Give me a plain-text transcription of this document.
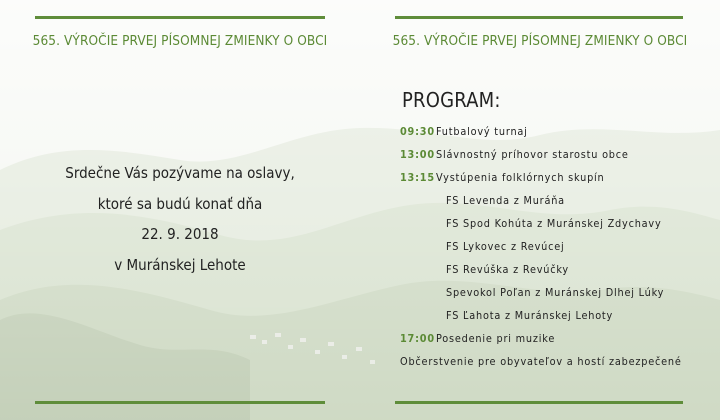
565. VÝROČIE PRVEJ PÍSOMNEJ ZMIENKY O OBCI
Srdečne Vás pozývame na oslavy,
ktoré sa budú konať dňa
22. 9. 2018
v Muránskej Lehote
565. VÝROČIE PRVEJ PÍSOMNEJ ZMIENKY O OBCI
PROGRAM:
09:30Futbalový turnaj
13:00Slávnostný príhovor starostu obce
13:15Vystúpenia folklórnych skupín
FS Levenda z Muráňa
FS Spod Kohúta z Muránskej Zdychavy
FS Lykovec z Revúcej
FS Revúška z Revúčky
Spevokol Poľan z Muránskej Dlhej Lúky
FS Ľahota z Muránskej Lehoty
17:00Posedenie pri muzike
Občerstvenie pre obyvateľov a hostí zabezpečené
